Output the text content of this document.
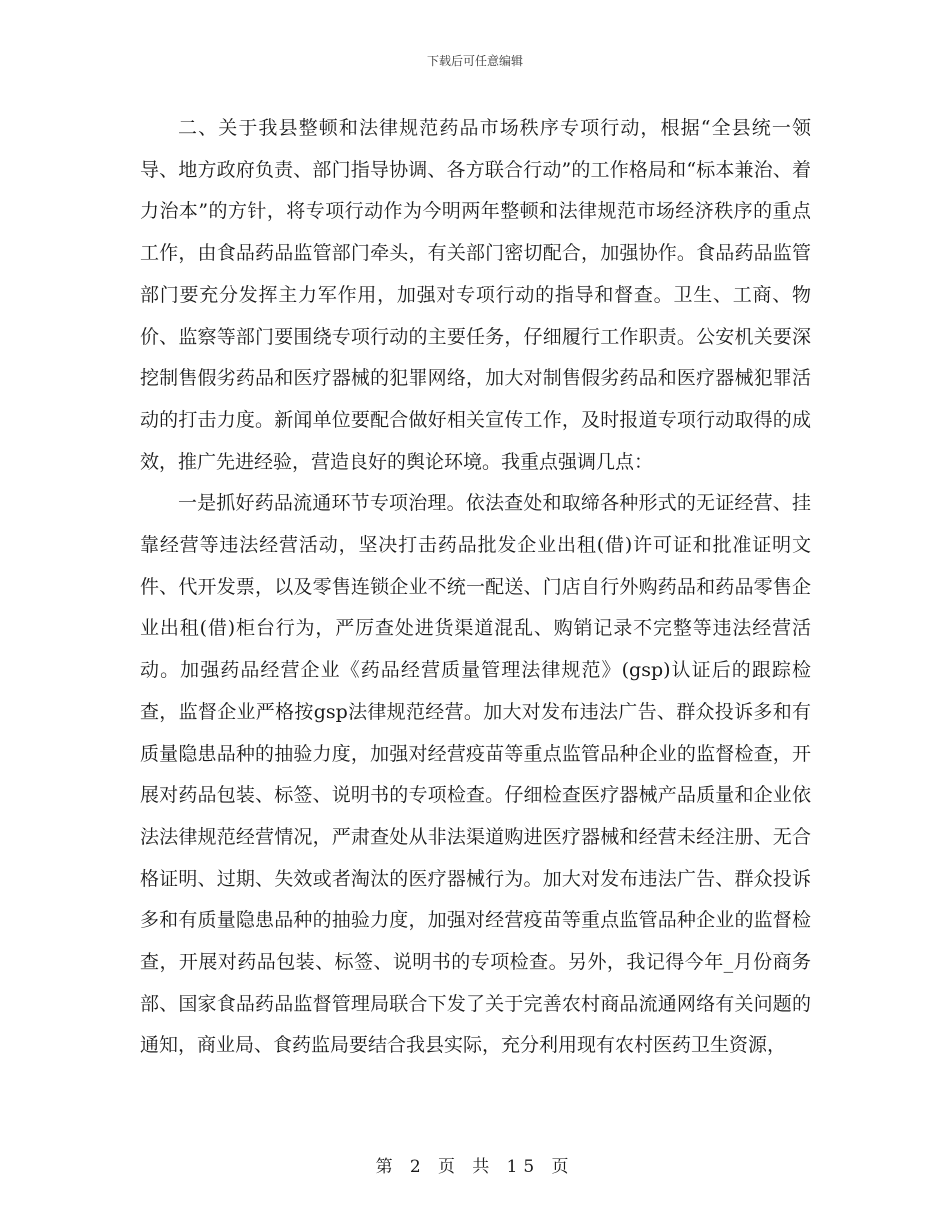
下载后可任意编辑

二、关于我县整顿和法律规范药品市场秩序专项行动，根据“全县统一领导、地方政府负责、部门指导协调、各方联合行动”的工作格局和“标本兼治、着力治本”的方针，将专项行动作为今明两年整顿和法律规范市场经济秩序的重点工作，由食品药品监管部门牵头，有关部门密切配合，加强协作。食品药品监管部门要充分发挥主力军作用，加强对专项行动的指导和督查。卫生、工商、物价、监察等部门要围绕专项行动的主要任务，仔细履行工作职责。公安机关要深挖制售假劣药品和医疗器械的犯罪网络，加大对制售假劣药品和医疗器械犯罪活动的打击力度。新闻单位要配合做好相关宣传工作，及时报道专项行动取得的成效，推广先进经验，营造良好的舆论环境。我重点强调几点：

一是抓好药品流通环节专项治理。依法查处和取缔各种形式的无证经营、挂靠经营等违法经营活动，坚决打击药品批发企业出租(借)许可证和批准证明文件、代开发票，以及零售连锁企业不统一配送、门店自行外购药品和药品零售企业出租(借)柜台行为，严厉查处进货渠道混乱、购销记录不完整等违法经营活动。加强药品经营企业《药品经营质量管理法律规范》(gsp)认证后的跟踪检查，监督企业严格按gsp法律规范经营。加大对发布违法广告、群众投诉多和有质量隐患品种的抽验力度，加强对经营疫苗等重点监管品种企业的监督检查，开展对药品包装、标签、说明书的专项检查。仔细检查医疗器械产品质量和企业依法法律规范经营情况，严肃查处从非法渠道购进医疗器械和经营未经注册、无合格证明、过期、失效或者淘汰的医疗器械行为。加大对发布违法广告、群众投诉多和有质量隐患品种的抽验力度，加强对经营疫苗等重点监管品种企业的监督检查，开展对药品包装、标签、说明书的专项检查。另外，我记得今年_月份商务部、国家食品药品监督管理局联合下发了关于完善农村商品流通网络有关问题的通知，商业局、食药监局要结合我县实际，充分利用现有农村医药卫生资源，

第 2 页 共 15 页
